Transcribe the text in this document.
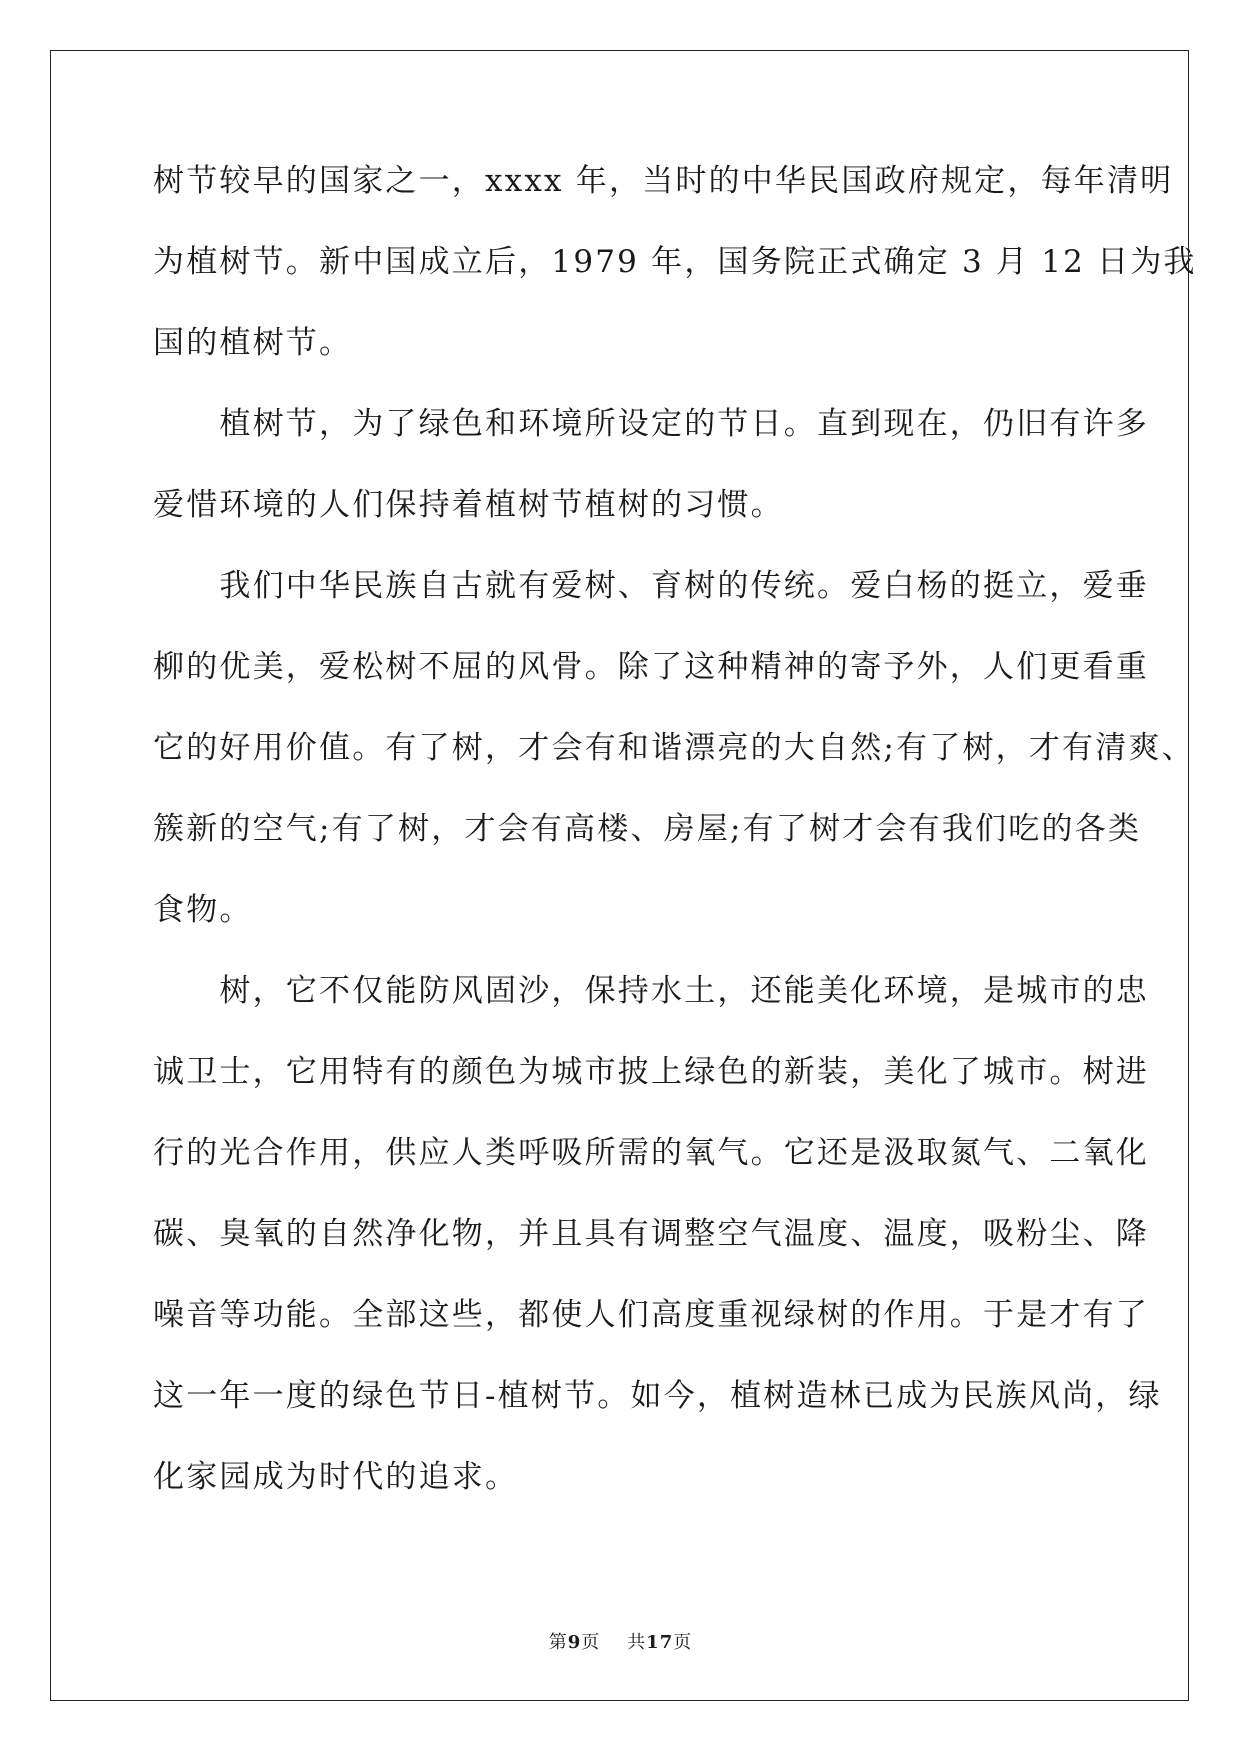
树节较早的国家之一，xxxx 年，当时的中华民国政府规定，每年清明
为植树节。新中国成立后，1979 年，国务院正式确定 3 月 12 日为我
国的植树节。
　　植树节，为了绿色和环境所设定的节日。直到现在，仍旧有许多
爱惜环境的人们保持着植树节植树的习惯。
　　我们中华民族自古就有爱树、育树的传统。爱白杨的挺立，爱垂
柳的优美，爱松树不屈的风骨。除了这种精神的寄予外，人们更看重
它的好用价值。有了树，才会有和谐漂亮的大自然;有了树，才有清爽、
簇新的空气;有了树，才会有高楼、房屋;有了树才会有我们吃的各类
食物。
　　树，它不仅能防风固沙，保持水土，还能美化环境，是城市的忠
诚卫士，它用特有的颜色为城市披上绿色的新装，美化了城市。树进
行的光合作用，供应人类呼吸所需的氧气。它还是汲取氮气、二氧化
碳、臭氧的自然净化物，并且具有调整空气温度、温度，吸粉尘、降
噪音等功能。全部这些，都使人们高度重视绿树的作用。于是才有了
这一年一度的绿色节日-植树节。如今，植树造林已成为民族风尚，绿
化家园成为时代的追求。
第9页 共17页
